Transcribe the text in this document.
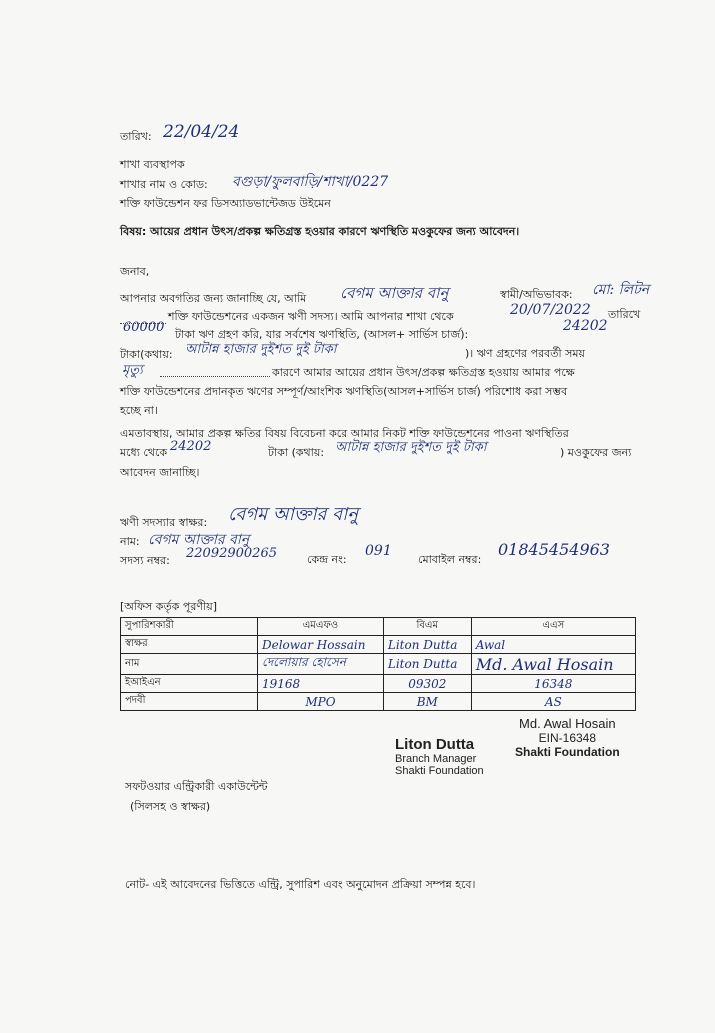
তারিখ: 22/04/24
শাখা ব্যবস্থাপক
শাখার নাম ও কোড: বগুড়া/ফুলবাড়ি/শাখা/0227
শক্তি ফাউন্ডেশন ফর ডিসঅ্যাডভান্টেজড উইমেন
বিষয়: আয়ের প্রধান উৎস/প্রকল্প ক্ষতিগ্রস্ত হওয়ার কারণে ঋণস্থিতি মওকুফের জন্য আবেদন।
জনাব,
আপনার অবগতির জন্য জানাচ্ছি যে, আমি বেগম আক্তার বানু	স্বামী/অভিভাবক: মো: লিটন
শক্তি ফাউন্ডেশনের একজন ঋণী সদস্য। আমি আপনার শাখা থেকে	20/07/2022 তারিখে
60000 টাকা ঋণ গ্রহণ করি, যার সর্বশেষ ঋণস্থিতি, (আসল+ সার্ভিস চার্জ):
24202
টাকা(কথায়: আটান্ন হাজার দুইশত দুই টাকা	)। ঋণ গ্রহণের পরবর্তী সময়
মৃত্যু	কারণে আমার আয়ের প্রধান উৎস/প্রকল্প ক্ষতিগ্রস্ত হওয়ায় আমার পক্ষে
শক্তি ফাউন্ডেশনের প্রদানকৃত ঋণের সম্পূর্ণ/আংশিক ঋণস্থিতি(আসল+সার্ভিস চার্জ) পরিশোধ করা সম্ভব
হচ্ছে না।
এমতাবস্থায়, আমার প্রকল্প ক্ষতির বিষয় বিবেচনা করে আমার নিকট শক্তি ফাউন্ডেশনের পাওনা ঋণস্থিতির
মধ্যে থেকে 24202	টাকা (কথায়: আটান্ন হাজার দুইশত দুই টাকা	) মওকুফের জন্য
আবেদন জানাচ্ছি।
ঋণী সদস্যার স্বাক্ষর: বেগম আক্তার বানু
নাম: বেগম আক্তার বানু
সদস্য নম্বর: 22092900265	কেন্দ্র নং:
091
মোবাইল নম্বর:
01845454963
[অফিস কর্তৃক পূরণীয়]
সুপারিশকারী	এমএফও	বিএম	এএস
স্বাক্ষর	Delowar Hossain	Liton Dutta	Awal
নাম	দেলোয়ার হোসেন	Liton Dutta	Md. Awal Hosain
ইআইএন	19168	09302	16348
পদবী	MPO	BM	AS
Liton Dutta
Branch Manager
Shakti Foundation
Md. Awal Hosain
EIN-16348
Shakti Foundation
সফটওয়ার এন্ট্রিকারী একাউন্টেন্ট
(সিলসহ ও স্বাক্ষর)
নোট- এই আবেদনের ভিত্তিতে এন্ট্রি, সুপারিশ এবং অনুমোদন প্রক্রিয়া সম্পন্ন হবে।
